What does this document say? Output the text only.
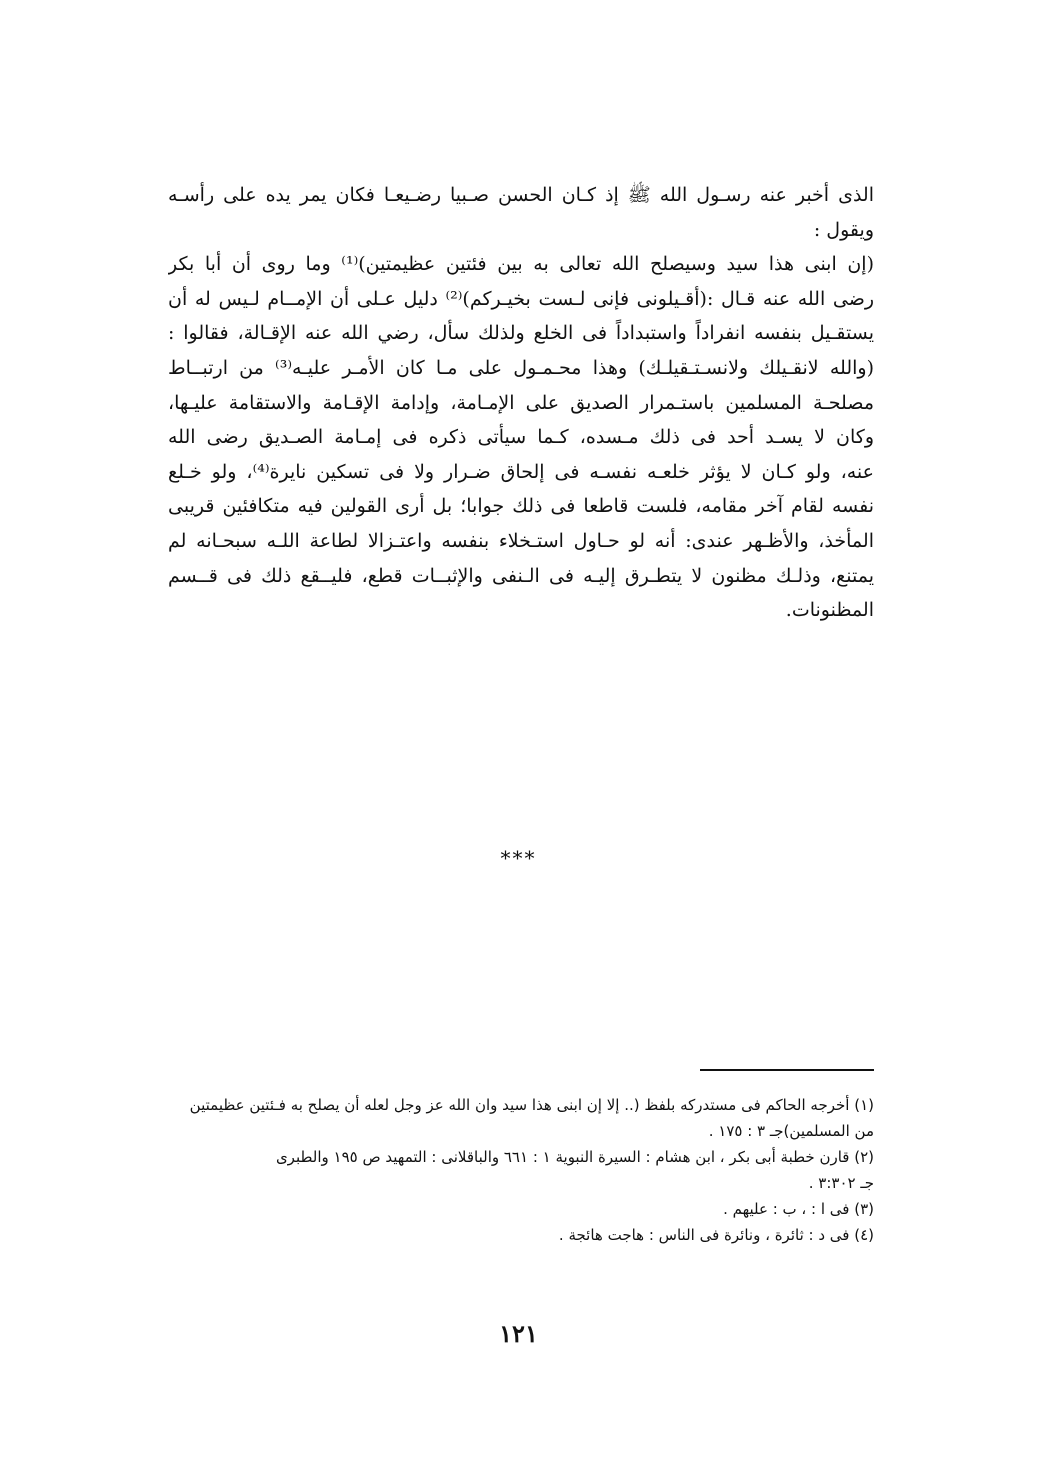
الذى أخبر عنه رسـول الله ﷺ إذ كـان الحسن صـبيا رضـيعـا فكان يمر يده على رأسـه
ويقول :
(إن ابنى هذا سيد وسيصلح الله تعالى به بين فئتين عظيمتين)⁽¹⁾ وما روى أن أبا بكر
رضى الله عنه قـال :(أقـيلونى فإنى لـست بخيـركم)⁽²⁾ دليل عـلى أن الإمــام لـيس له أن
يستقـيل بنفسه انفراداً واستبداداً فى الخلع ولذلك سأل، رضي الله عنه الإقـالة، فقالوا :
(والله لانقـيلك ولانسـتـقيلـك) وهذا محـمـول على مـا كان الأمـر عليـه⁽³⁾ من ارتبــاط
مصلحـة المسلمين باستـمرار الصديق على الإمـامة، وإدامة الإقـامة والاستقامة عليـها،
وكان لا يسـد أحد فى ذلك مـسده، كـما سيأتى ذكره فى إمـامة الصـديق رضى الله
عنه، ولو كـان لا يؤثر خلعـه نفسـه فى إلحاق ضـرار ولا فى تسكين نايرة⁽⁴⁾، ولو خـلع
نفسه لقام آخر مقامه، فلست قاطعا فى ذلك جوابا؛ بل أرى القولين فيه متكافئين قريبى
المأخذ، والأظـهر عندى: أنه لو حـاول استـخلاء بنفسه واعتـزالا لطاعة اللـه سبحـانه لم
يمتنع، وذلـك مظنون لا يتطـرق إليـه فى الـنفى والإثبــات قطع، فليــقع ذلك فى قــسم
المظنونات.
***
(١) أخرجه الحاكم فى مستدركه بلفظ (.. إلا إن ابنى هذا سيد وان الله عز وجل لعله أن يصلح به فـئتين عظيمتين
من المسلمين)جـ ٣ : ١٧٥ .
(٢) قارن خطبة أبى بكر ، ابن هشام : السيرة النبوية ١ : ٦٦١ والباقلانى : التمهيد ص ١٩٥ والطبرى
جـ ٣:٣٠٢ .
(٣) فى ا : ، ب : عليهم .
(٤) فى د : ثائرة ، ونائرة فى الناس : هاجت هائجة .
١٢١
